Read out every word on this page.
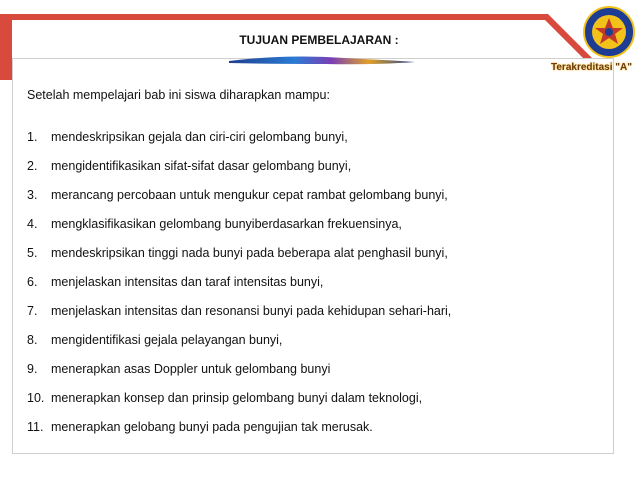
TUJUAN PEMBELAJARAN :
Terakreditasi "A"
Setelah mempelajari bab ini siswa diharapkan mampu:
1. mendeskripsikan gejala dan ciri-ciri gelombang bunyi,
2. mengidentifikasikan sifat-sifat dasar gelombang bunyi,
3. merancang percobaan untuk mengukur cepat rambat gelombang bunyi,
4. mengklasifikasikan gelombang bunyiberdasarkan frekuensinya,
5. mendeskripsikan tinggi nada bunyi pada beberapa alat penghasil bunyi,
6. menjelaskan intensitas dan taraf intensitas bunyi,
7. menjelaskan intensitas dan resonansi bunyi pada kehidupan sehari-hari,
8. mengidentifikasi gejala pelayangan bunyi,
9. menerapkan asas Doppler untuk gelombang bunyi
10. menerapkan konsep dan prinsip gelombang bunyi dalam teknologi,
11. menerapkan gelobang bunyi pada pengujian tak merusak.
